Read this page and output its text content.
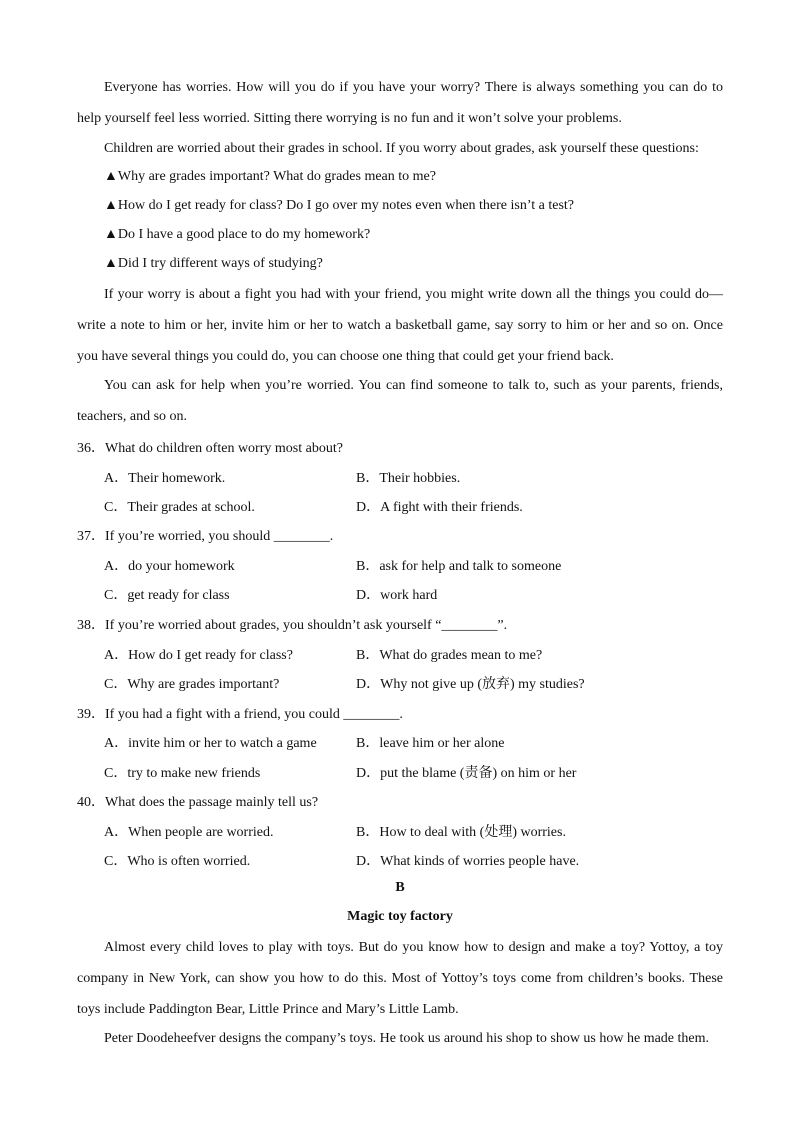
Everyone has worries. How will you do if you have your worry? There is always something you can do to help yourself feel less worried. Sitting there worrying is no fun and it won’t solve your problems.

Children are worried about their grades in school. If you worry about grades, ask yourself these questions:

▲Why are grades important? What do grades mean to me?

▲How do I get ready for class? Do I go over my notes even when there isn’t a test?

▲Do I have a good place to do my homework?

▲Did I try different ways of studying?

If your worry is about a fight you had with your friend, you might write down all the things you could do—write a note to him or her, invite him or her to watch a basketball game, say sorry to him or her and so on. Once you have several things you could do, you can choose one thing that could get your friend back.

You can ask for help when you’re worried. You can find someone to talk to, such as your parents, friends, teachers, and so on.

36．What do children often worry most about?

A．Their homework.	B．Their hobbies.

C．Their grades at school.	D．A fight with their friends.

37．If you’re worried, you should ________.

A．do your homework	B．ask for help and talk to someone

C．get ready for class	D．work hard

38．If you’re worried about grades, you shouldn’t ask yourself “________”.

A．How do I get ready for class?	B．What do grades mean to me?

C．Why are grades important?	D．Why not give up (放弃) my studies?

39．If you had a fight with a friend, you could ________.

A．invite him or her to watch a game	B．leave him or her alone

C．try to make new friends	D．put the blame (责备) on him or her

40．What does the passage mainly tell us?

A．When people are worried.	B．How to deal with (处理) worries.

C．Who is often worried.	D．What kinds of worries people have.

B

Magic toy factory

Almost every child loves to play with toys. But do you know how to design and make a toy? Yottoy, a toy company in New York, can show you how to do this. Most of Yottoy’s toys come from children’s books. These toys include Paddington Bear, Little Prince and Mary’s Little Lamb.

Peter Doodeheefver designs the company’s toys. He took us around his shop to show us how he made them.
